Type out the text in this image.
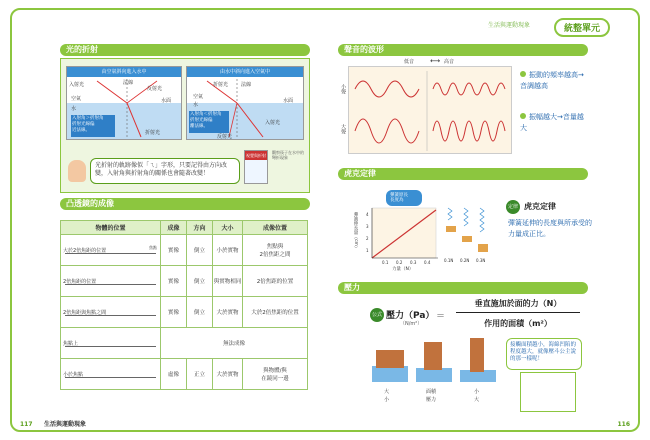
生活與運動現象	統整單元
光的折射
由空氣斜向進入水中
入射光	法線
反射光
水面
空氣
水
折射光
入射角＞折射角
折射光線偏
近法線。
由水中斜向進入空氣中
折射光	法線
空氣
水
水面
入射光
反射光
入射角＜折射角
折射光線偏
離法線。
光折射的軌跡像似「ㄟ」字形，只要記得由方向改變，入射角與折射角的關係也會隨著改變！
視覺與折射
觀察筷子在水中的彎折現象
凸透鏡的成像
物體的位置	成像	方向	大小	成像位置
大於2倍焦距的位置 焦點	實像	倒立	小於實物	焦點與
2倍焦距之間
2倍焦距的位置	實像	倒立	與實物相同	2倍焦距的位置
2倍焦距與焦點之間	實像	倒立	大於實物	大於2倍焦距的位置
焦點上	無法成像			
小於焦點	虛像	正立	大於實物	與物體/與
在鏡同一邊
聲音的波形
低音 ⟷ 高音
小聲
大聲
振動的頻率越高→音調越高
振幅越大→音量越大
虎克定律
彈簧原長
長度為
彈簧伸長量（cm）
力量（N）
0.1N 0.2N 0.3N
1
2
3
4
0.1 0.2 0.3 0.4
定律 虎克定律
彈簧延伸的長度與所承受的力量成正比。
壓力
公式 壓力（Pa）
（N/m²）
＝
垂直施加於面的力（N）
作用的面積（m²）
大	面積	小
小	壓力	大
接觸面積越小，海綿凹陷的程度越大，就像壓斗公主說的那一樣呢！
117 生活與運動現象	116
